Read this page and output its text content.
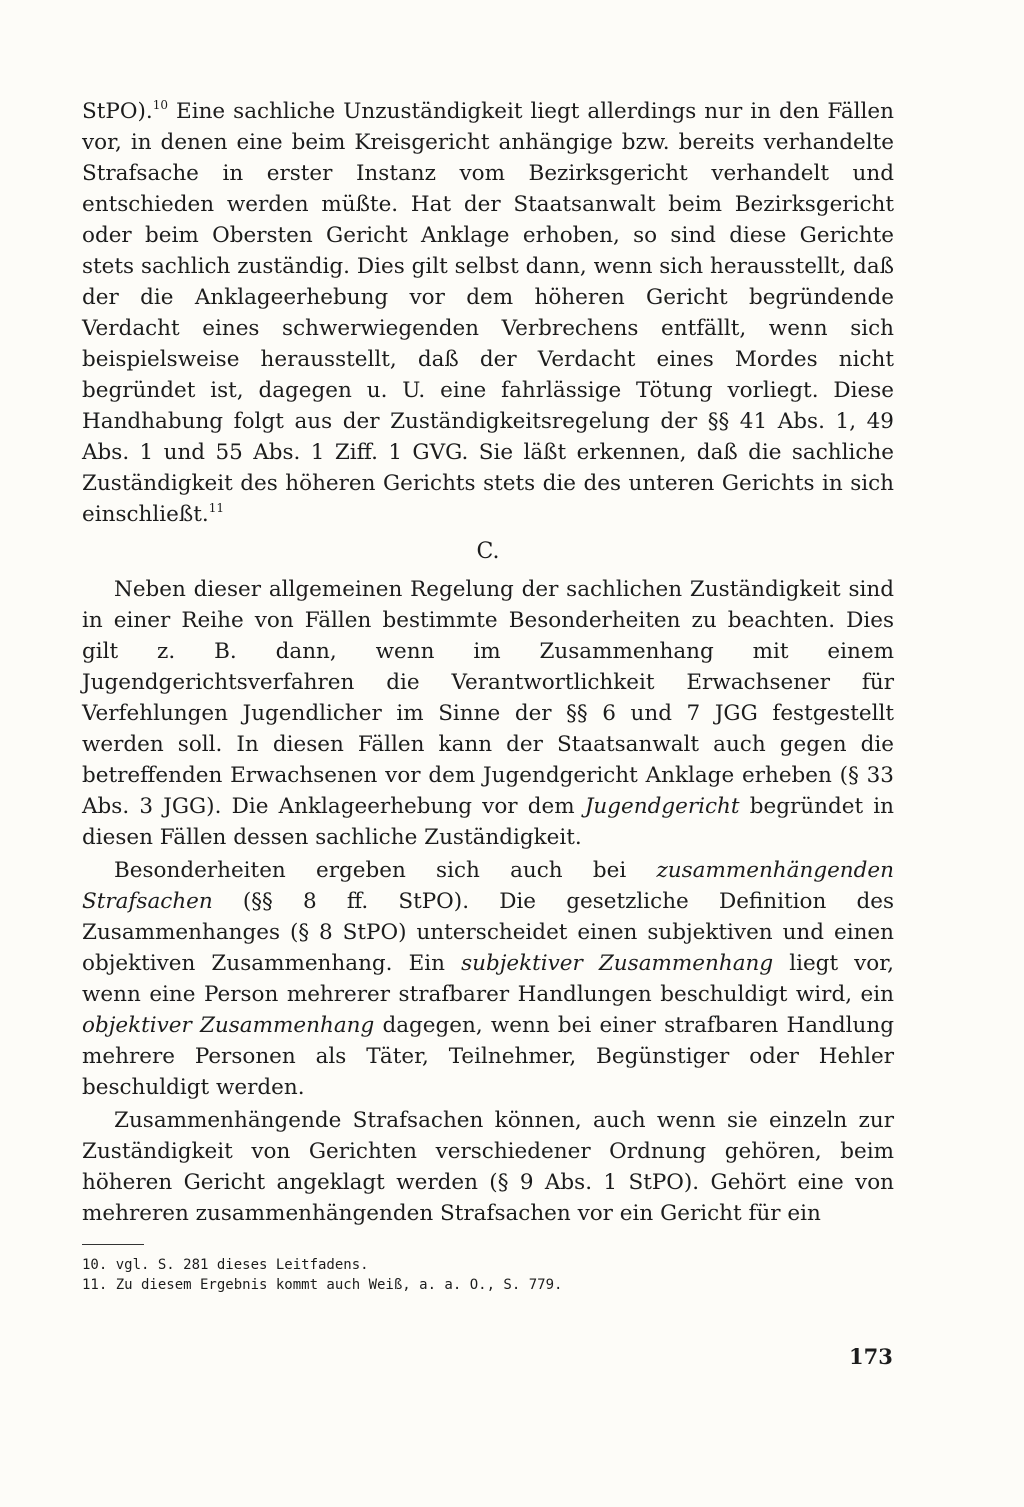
StPO).$^{10}$ Eine sachliche Unzuständigkeit liegt allerdings nur in den Fällen vor, in denen eine beim Kreisgericht anhängige bzw. bereits verhandelte Strafsache in erster Instanz vom Bezirksgericht verhandelt und entschieden werden müßte. Hat der Staatsanwalt beim Bezirksgericht oder beim Obersten Gericht Anklage erhoben, so sind diese Gerichte stets sachlich zuständig. Dies gilt selbst dann, wenn sich herausstellt, daß der die Anklageerhebung vor dem höheren Gericht begründende Verdacht eines schwerwiegenden Verbrechens entfällt, wenn sich beispielsweise herausstellt, daß der Verdacht eines Mordes nicht begründet ist, dagegen u. U. eine fahrlässige Tötung vorliegt. Diese Handhabung folgt aus der Zuständigkeitsregelung der §§ 41 Abs. 1, 49 Abs. 1 und 55 Abs. 1 Ziff. 1 GVG. Sie läßt erkennen, daß die sachliche Zuständigkeit des höheren Gerichts stets die des unteren Gerichts in sich einschließt.$^{11}$

C.

Neben dieser allgemeinen Regelung der sachlichen Zuständigkeit sind in einer Reihe von Fällen bestimmte Besonderheiten zu beachten. Dies gilt z. B. dann, wenn im Zusammenhang mit einem Jugendgerichtsverfahren die Verantwortlichkeit Erwachsener für Verfehlungen Jugendlicher im Sinne der §§ 6 und 7 JGG festgestellt werden soll. In diesen Fällen kann der Staatsanwalt auch gegen die betreffenden Erwachsenen vor dem Jugendgericht Anklage erheben (§ 33 Abs. 3 JGG). Die Anklageerhebung vor dem Jugendgericht begründet in diesen Fällen dessen sachliche Zuständigkeit.

Besonderheiten ergeben sich auch bei zusammenhängenden Strafsachen (§§ 8 ff. StPO). Die gesetzliche Definition des Zusammenhanges (§ 8 StPO) unterscheidet einen subjektiven und einen objektiven Zusammenhang. Ein subjektiver Zusammenhang liegt vor, wenn eine Person mehrerer strafbarer Handlungen beschuldigt wird, ein objektiver Zusammenhang dagegen, wenn bei einer strafbaren Handlung mehrere Personen als Täter, Teilnehmer, Begünstiger oder Hehler beschuldigt werden.

Zusammenhängende Strafsachen können, auch wenn sie einzeln zur Zuständigkeit von Gerichten verschiedener Ordnung gehören, beim höheren Gericht angeklagt werden (§ 9 Abs. 1 StPO). Gehört eine von mehreren zusammenhängenden Strafsachen vor ein Gericht für ein

10. vgl. S. 281 dieses Leitfadens.

11. Zu diesem Ergebnis kommt auch Weiß, a. a. O., S. 779.

173
